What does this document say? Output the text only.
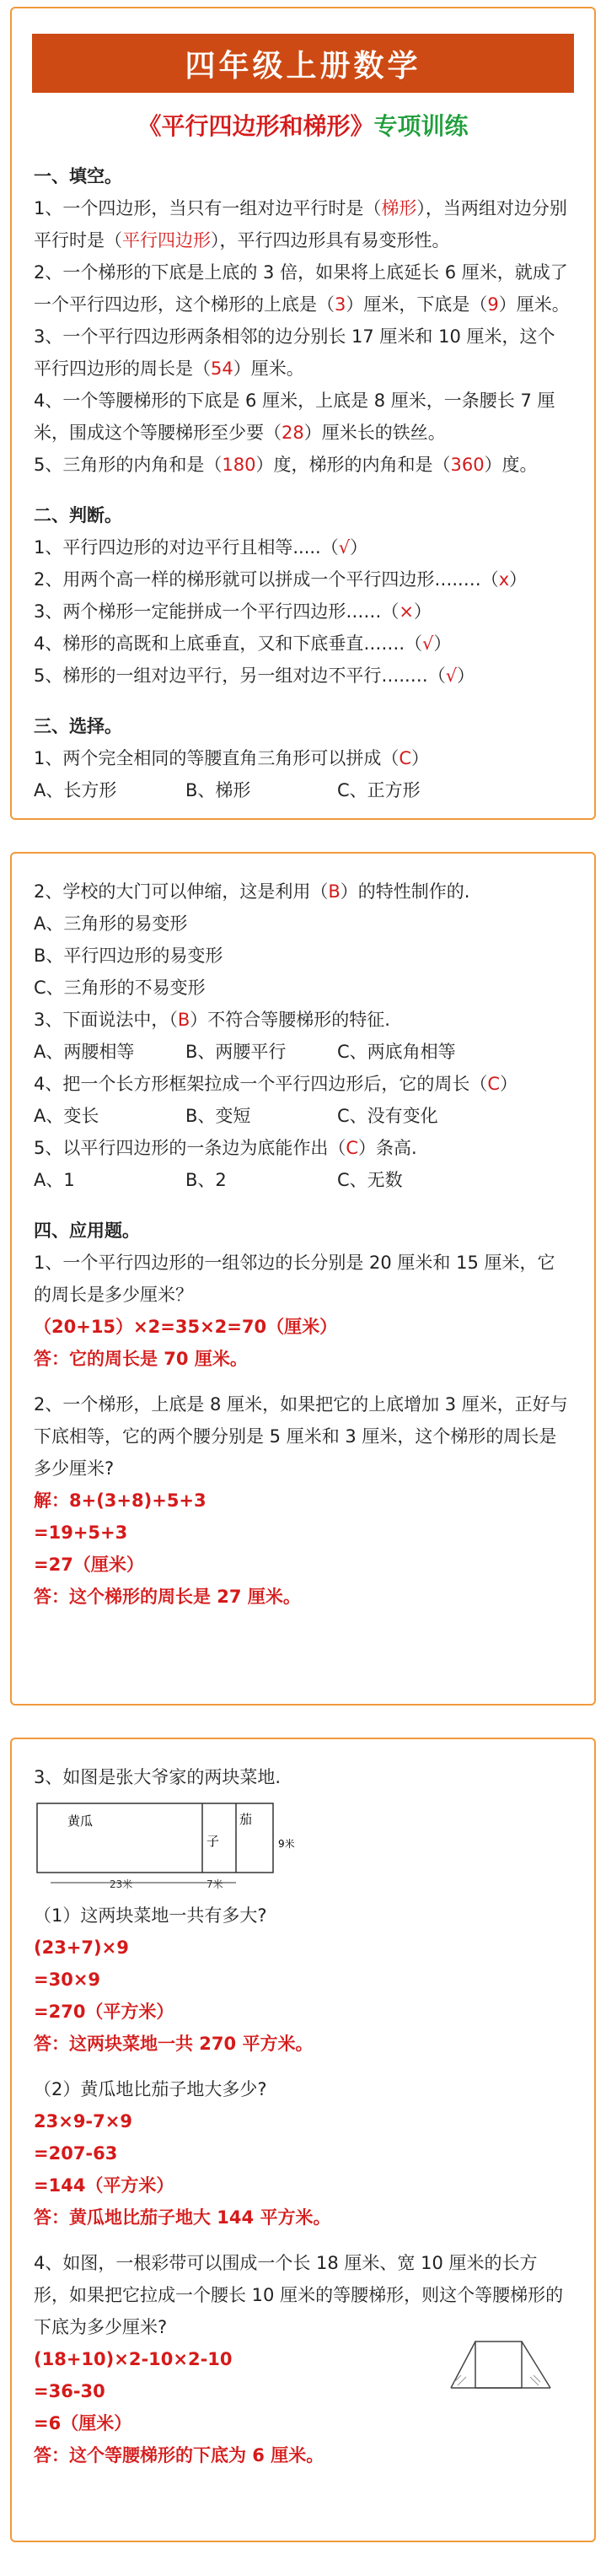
四年级上册数学
《平行四边形和梯形》专项训练

一、填空。

1、一个四边形，当只有一组对边平行时是（梯形），当两组对边分别平行时是（平行四边形），平行四边形具有易变形性。

2、一个梯形的下底是上底的 3 倍，如果将上底延长 6 厘米，就成了一个平行四边形，这个梯形的上底是（3）厘米，下底是（9）厘米。

3、一个平行四边形两条相邻的边分别长 17 厘米和 10 厘米，这个平行四边形的周长是（54）厘米。

4、一个等腰梯形的下底是 6 厘米，上底是 8 厘米，一条腰长 7 厘米，围成这个等腰梯形至少要（28）厘米长的铁丝。

5、三角形的内角和是（180）度，梯形的内角和是（360）度。

二、判断。

1、平行四边形的对边平行且相等.....（√）

2、用两个高一样的梯形就可以拼成一个平行四边形…..…（x）

3、两个梯形一定能拼成一个平行四边形……（×）

4、梯形的高既和上底垂直，又和下底垂直…….（√）

5、梯形的一组对边平行，另一组对边不平行…..…（√）

三、选择。

1、两个完全相同的等腰直角三角形可以拼成（C）

A、长方形	B、梯形	C、正方形

2、学校的大门可以伸缩，这是利用（B）的特性制作的.

A、三角形的易变形

B、平行四边形的易变形

C、三角形的不易变形

3、下面说法中，（B）不符合等腰梯形的特征.

A、两腰相等	B、两腰平行	C、两底角相等

4、把一个长方形框架拉成一个平行四边形后，它的周长（C）

A、变长	B、变短	C、没有变化

5、以平行四边形的一条边为底能作出（C）条高.

A、1	B、2	C、无数

四、应用题。

1、一个平行四边形的一组邻边的长分别是 20 厘米和 15 厘米，它的周长是多少厘米？

（20+15）×2=35×2=70（厘米）

答：它的周长是 70 厘米。

2、一个梯形，上底是 8 厘米，如果把它的上底增加 3 厘米，正好与下底相等，它的两个腰分别是 5 厘米和 3 厘米，这个梯形的周长是多少厘米?

解：8+(3+8)+5+3

=19+5+3

=27（厘米）

答：这个梯形的周长是 27 厘米。

3、如图是张大爷家的两块菜地.

黄瓜	茄
子	9米
23米	7米

（1）这两块菜地一共有多大?

(23+7)×9

=30×9

=270（平方米）

答：这两块菜地一共 270 平方米。

（2）黄瓜地比茄子地大多少?

23×9-7×9

=207-63

=144（平方米）

答：黄瓜地比茄子地大 144 平方米。

4、如图，一根彩带可以围成一个长 18 厘米、宽 10 厘米的长方形，如果把它拉成一个腰长 10 厘米的等腰梯形，则这个等腰梯形的下底为多少厘米?

(18+10)×2-10×2-10

=36-30

=6（厘米）

答：这个等腰梯形的下底为 6 厘米。
